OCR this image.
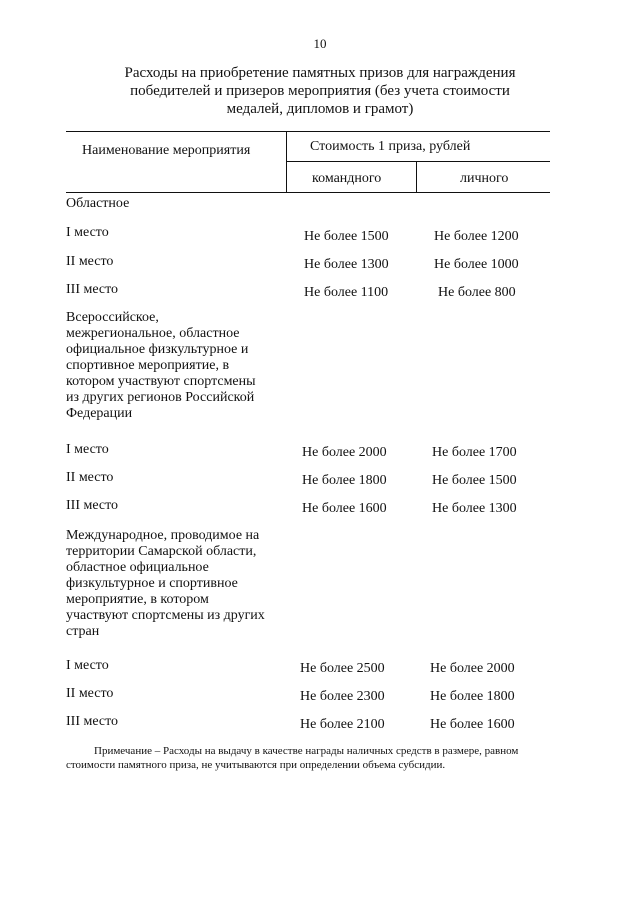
10
Расходы на приобретение памятных призов для награждения
победителей и призеров мероприятия (без учета стоимости
медалей, дипломов и грамот)
Наименование мероприятия	Стоимость 1 приза, рублей
командного	личного
Областное
I место	Не более 1500	Не более 1200
II место	Не более 1300	Не более 1000
III место	Не более 1100	Не более 800
Всероссийское,
межрегиональное, областное
официальное физкультурное и
спортивное мероприятие, в
котором участвуют спортсмены
из других регионов Российской
Федерации
I место	Не более 2000	Не более 1700
II место	Не более 1800	Не более 1500
III место	Не более 1600	Не более 1300
Международное, проводимое на
территории Самарской области,
областное официальное
физкультурное и спортивное
мероприятие, в котором
участвуют спортсмены из других
стран
I место	Не более 2500	Не более 2000
II место	Не более 2300	Не более 1800
III место	Не более 2100	Не более 1600
Примечание – Расходы на выдачу в качестве награды наличных средств в размере, равном
стоимости памятного приза, не учитываются при определении объема субсидии.
